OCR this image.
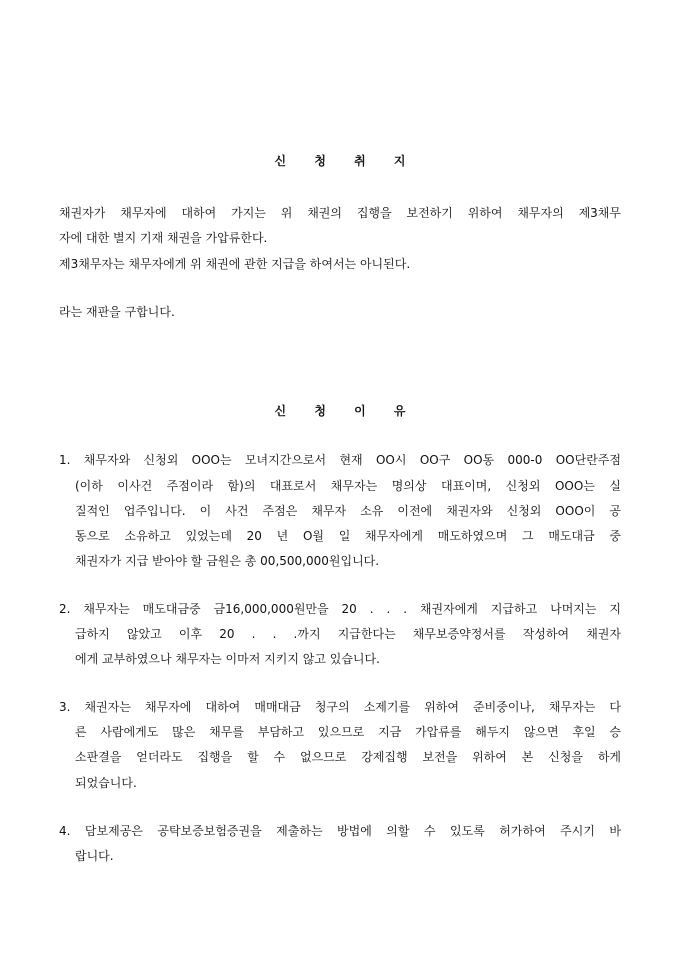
신 청 취 지
채권자가 채무자에 대하여 가지는 위 채권의 집행을 보전하기 위하여 채무자의 제3채무
자에 대한 별지 기재 채권을 가압류한다.
제3채무자는 채무자에게 위 채권에 관한 지급을 하여서는 아니된다.
라는 재판을 구합니다.
신 청 이 유
1. 채무자와 신청외 OOO는 모녀지간으로서 현재 OO시 OO구 OO동 000-0 OO단란주점
(이하 이사건 주점이라 함)의 대표로서 채무자는 명의상 대표이며, 신청외 OOO는 실
질적인 업주입니다. 이 사건 주점은 채무자 소유 이전에 채권자와 신청외 OOO이 공
동으로 소유하고 있었는데 20 년 O월 일 채무자에게 매도하였으며 그 매도대금 중
채권자가 지급 받아야 할 금원은 총 00,500,000원입니다.
2. 채무자는 매도대금중 금16,000,000원만을 20 . . . 채권자에게 지급하고 나머지는 지
급하지 않았고 이후 20 . . .까지 지급한다는 채무보증약정서를 작성하여 채권자
에게 교부하였으나 채무자는 이마저 지키지 않고 있습니다.
3. 채권자는 채무자에 대하여 매매대금 청구의 소제기를 위하여 준비중이나, 채무자는 다
른 사람에게도 많은 채무를 부담하고 있으므로 지금 가압류를 해두지 않으면 후일 승
소판결을 얻더라도 집행을 할 수 없으므로 강제집행 보전을 위하여 본 신청을 하게
되었습니다.
4. 담보제공은 공탁보증보험증권을 제출하는 방법에 의할 수 있도록 허가하여 주시기 바
랍니다.
